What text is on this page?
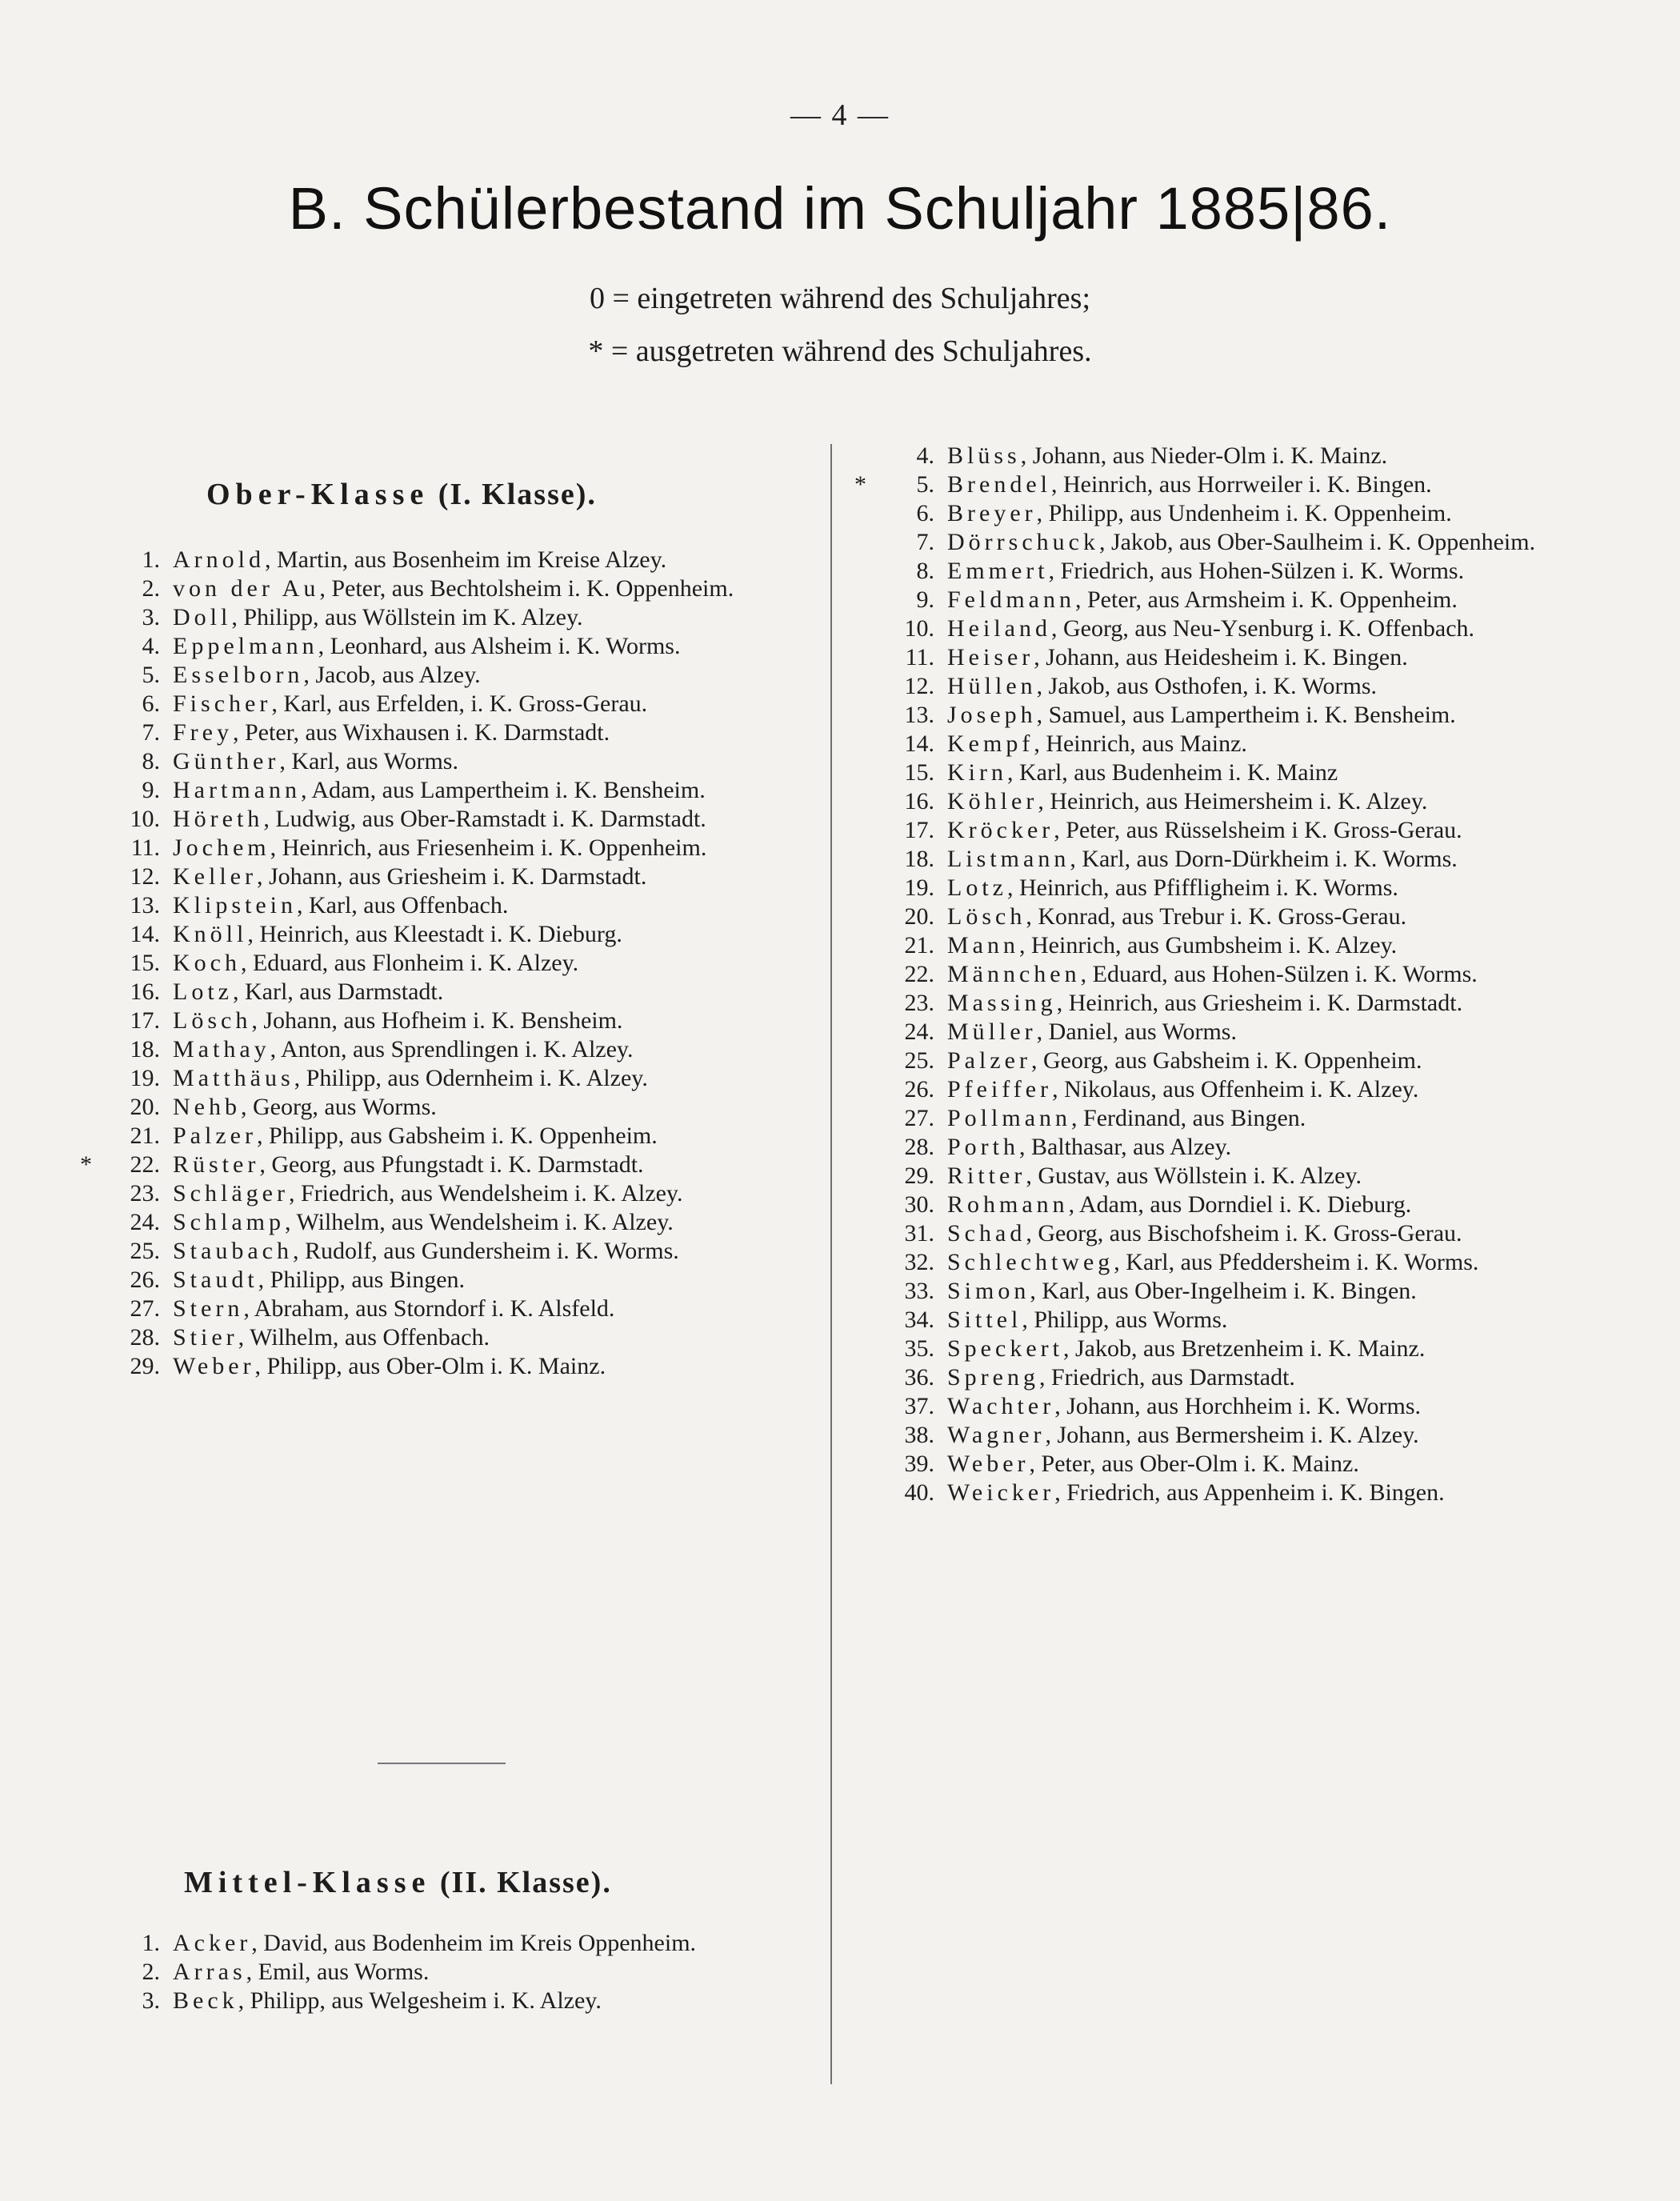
— 4 —
B. Schülerbestand im Schuljahr 1885|86.
0 = eingetreten während des Schuljahres;
* = ausgetreten während des Schuljahres.
Ober-Klasse (I. Klasse).
1. Arnold, Martin, aus Bosenheim im Kreise Alzey.
2. von der Au, Peter, aus Bechtolsheim i. K. Oppenheim.
3. Doll, Philipp, aus Wöllstein im K. Alzey.
4. Eppelmann, Leonhard, aus Alsheim i. K. Worms.
5. Esselborn, Jacob, aus Alzey.
6. Fischer, Karl, aus Erfelden, i. K. Gross-Gerau.
7. Frey, Peter, aus Wixhausen i. K. Darmstadt.
8. Günther, Karl, aus Worms.
9. Hartmann, Adam, aus Lampertheim i. K. Bensheim.
10. Höreth, Ludwig, aus Ober-Ramstadt i. K. Darmstadt.
11. Jochem, Heinrich, aus Friesenheim i. K. Oppenheim.
12. Keller, Johann, aus Griesheim i. K. Darmstadt.
13. Klipstein, Karl, aus Offenbach.
14. Knöll, Heinrich, aus Kleestadt i. K. Dieburg.
15. Koch, Eduard, aus Flonheim i. K. Alzey.
16. Lotz, Karl, aus Darmstadt.
17. Lösch, Johann, aus Hofheim i. K. Bensheim.
18. Mathay, Anton, aus Sprendlingen i. K. Alzey.
19. Matthäus, Philipp, aus Odernheim i. K. Alzey.
20. Nehb, Georg, aus Worms.
21. Palzer, Philipp, aus Gabsheim i. K. Oppenheim.
*	22. Rüster, Georg, aus Pfungstadt i. K. Darmstadt.
23. Schläger, Friedrich, aus Wendelsheim i. K. Alzey.
24. Schlamp, Wilhelm, aus Wendelsheim i. K. Alzey.
25. Staubach, Rudolf, aus Gundersheim i. K. Worms.
26. Staudt, Philipp, aus Bingen.
27. Stern, Abraham, aus Storndorf i. K. Alsfeld.
28. Stier, Wilhelm, aus Offenbach.
29. Weber, Philipp, aus Ober-Olm i. K. Mainz.
Mittel-Klasse (II. Klasse).
1. Acker, David, aus Bodenheim im Kreis Oppenheim.
2. Arras, Emil, aus Worms.
3. Beck, Philipp, aus Welgesheim i. K. Alzey.
4. Blüss, Johann, aus Nieder-Olm i. K. Mainz.
*	5. Brendel, Heinrich, aus Horrweiler i. K. Bingen.
6. Breyer, Philipp, aus Undenheim i. K. Oppenheim.
7. Dörrschuck, Jakob, aus Ober-Saulheim i. K. Oppenheim.
8. Emmert, Friedrich, aus Hohen-Sülzen i. K. Worms.
9. Feldmann, Peter, aus Armsheim i. K. Oppenheim.
10. Heiland, Georg, aus Neu-Ysenburg i. K. Offenbach.
11. Heiser, Johann, aus Heidesheim i. K. Bingen.
12. Hüllen, Jakob, aus Osthofen, i. K. Worms.
13. Joseph, Samuel, aus Lampertheim i. K. Bensheim.
14. Kempf, Heinrich, aus Mainz.
15. Kirn, Karl, aus Budenheim i. K. Mainz
16. Köhler, Heinrich, aus Heimersheim i. K. Alzey.
17. Kröcker, Peter, aus Rüsselsheim i K. Gross-Gerau.
18. Listmann, Karl, aus Dorn-Dürkheim i. K. Worms.
19. Lotz, Heinrich, aus Pfiffligheim i. K. Worms.
20. Lösch, Konrad, aus Trebur i. K. Gross-Gerau.
21. Mann, Heinrich, aus Gumbsheim i. K. Alzey.
22. Männchen, Eduard, aus Hohen-Sülzen i. K. Worms.
23. Massing, Heinrich, aus Griesheim i. K. Darmstadt.
24. Müller, Daniel, aus Worms.
25. Palzer, Georg, aus Gabsheim i. K. Oppenheim.
26. Pfeiffer, Nikolaus, aus Offenheim i. K. Alzey.
27. Pollmann, Ferdinand, aus Bingen.
28. Porth, Balthasar, aus Alzey.
29. Ritter, Gustav, aus Wöllstein i. K. Alzey.
30. Rohmann, Adam, aus Dorndiel i. K. Dieburg.
31. Schad, Georg, aus Bischofsheim i. K. Gross-Gerau.
32. Schlechtweg, Karl, aus Pfeddersheim i. K. Worms.
33. Simon, Karl, aus Ober-Ingelheim i. K. Bingen.
34. Sittel, Philipp, aus Worms.
35. Speckert, Jakob, aus Bretzenheim i. K. Mainz.
36. Spreng, Friedrich, aus Darmstadt.
37. Wachter, Johann, aus Horchheim i. K. Worms.
38. Wagner, Johann, aus Bermersheim i. K. Alzey.
39. Weber, Peter, aus Ober-Olm i. K. Mainz.
40. Weicker, Friedrich, aus Appenheim i. K. Bingen.
